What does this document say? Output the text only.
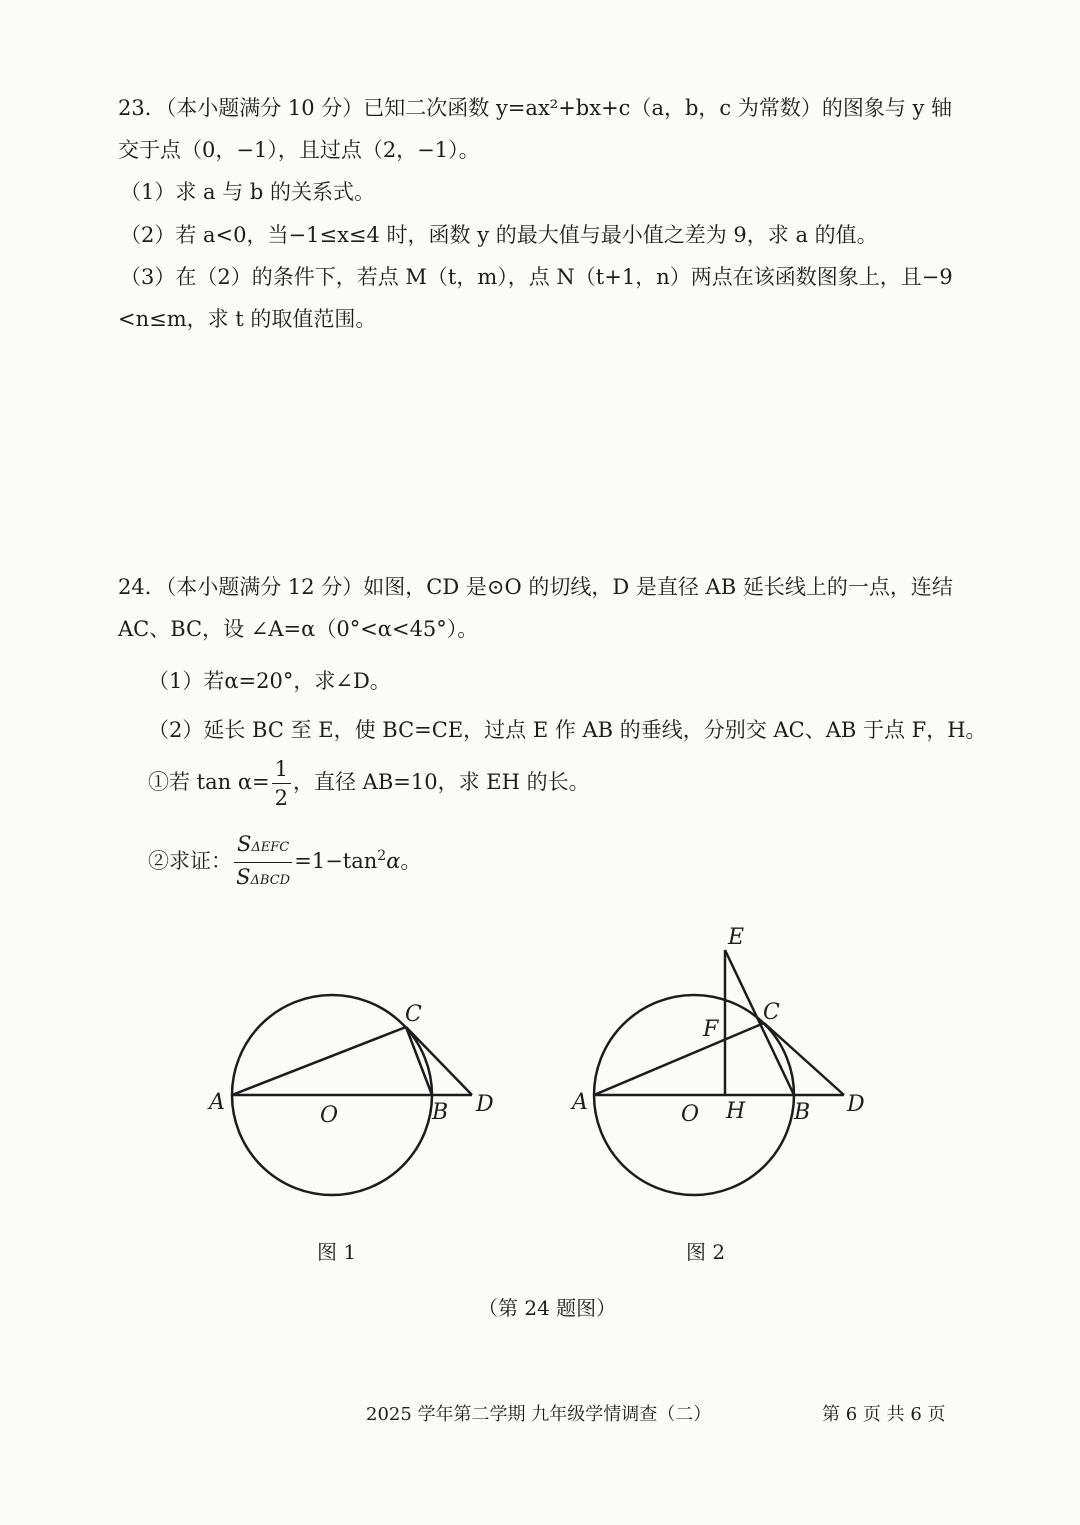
23．（本小题满分 10 分）已知二次函数 y=ax²+bx+c（a，b，c 为常数）的图象与 y 轴
交于点（0，−1），且过点（2，−1）。
（1）求 a 与 b 的关系式。
（2）若 a<0，当−1≤x≤4 时，函数 y 的最大值与最小值之差为 9，求 a 的值。
（3）在（2）的条件下，若点 M（t，m），点 N（t+1，n）两点在该函数图象上，且−9
<n≤m，求 t 的取值范围。
24．（本小题满分 12 分）如图，CD 是⊙O 的切线，D 是直径 AB 延长线上的一点，连结
AC、BC，设 ∠A=α（0°<α<45°）。
（1）若α=20°，求∠D。
（2）延长 BC 至 E，使 BC=CE，过点 E 作 AB 的垂线，分别交 AC、AB 于点 F，H。
①若 $\tan \alpha= \frac{1}{2}$ ，直径 AB=10，求 EH 的长。
②求证： $\frac{\text{SΔEFC}}{\text{SΔBCD}} =1-\tan^2\alpha$。
A
O	B
C
D	A	O H B
C
D
E
F
图 1	图 2
（第 24 题图）
2025 学年第二学期 九年级学情调查（二）	第 6 页 共 6 页
